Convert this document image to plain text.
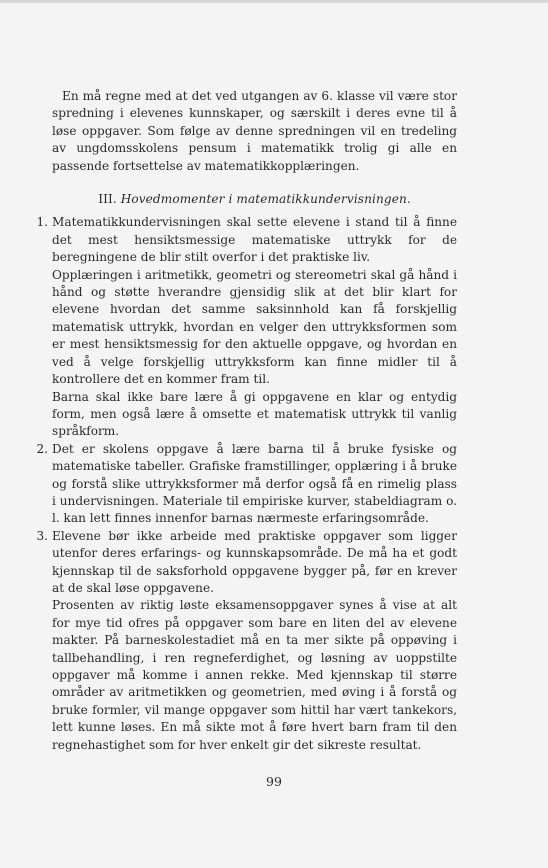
En må regne med at det ved utgangen av 6. klasse vil være stor spredning i elevenes kunnskaper, og særskilt i deres evne til å løse oppgaver. Som følge av denne spredningen vil en tredeling av ungdomsskolens pensum i matematikk trolig gi alle en passende fortsettelse av matematikkopplæringen.

III. Hovedmomenter i matematikkundervisningen.
1. Matematikkundervisningen skal sette elevene i stand til å finne det mest hensiktsmessige matematiske uttrykk for de beregningene de blir stilt overfor i det praktiske liv.

Opplæringen i aritmetikk, geometri og stereometri skal gå hånd i hånd og støtte hverandre gjensidig slik at det blir klart for elevene hvordan det samme saksinnhold kan få forskjellig matematisk uttrykk, hvordan en velger den uttrykksformen som er mest hensiktsmessig for den aktuelle oppgave, og hvordan en ved å velge forskjellig uttrykksform kan finne midler til å kontrollere det en kommer fram til.

Barna skal ikke bare lære å gi oppgavene en klar og entydig form, men også lære å omsette et matematisk uttrykk til vanlig språkform.

2. Det er skolens oppgave å lære barna til å bruke fysiske og matematiske tabeller. Grafiske framstillinger, opplæring i å bruke og forstå slike uttrykksformer må derfor også få en rimelig plass i undervisningen. Materiale til empiriske kurver, stabeldiagram o. l. kan lett finnes innenfor barnas nærmeste erfaringsområde.

3. Elevene bør ikke arbeide med praktiske oppgaver som ligger utenfor deres erfarings- og kunnskapsområde. De må ha et godt kjennskap til de saksforhold oppgavene bygger på, før en krever at de skal løse oppgavene.

Prosenten av riktig løste eksamensoppgaver synes å vise at alt for mye tid ofres på oppgaver som bare en liten del av elevene makter. På barneskolestadiet må en ta mer sikte på oppøving i tallbehandling, i ren regneferdighet, og løsning av uoppstilte oppgaver må komme i annen rekke. Med kjennskap til større områder av aritmetikken og geometrien, med øving i å forstå og bruke formler, vil mange oppgaver som hittil har vært tankekors, lett kunne løses. En må sikte mot å føre hvert barn fram til den regnehastighet som for hver enkelt gir det sikreste resultat.

99
